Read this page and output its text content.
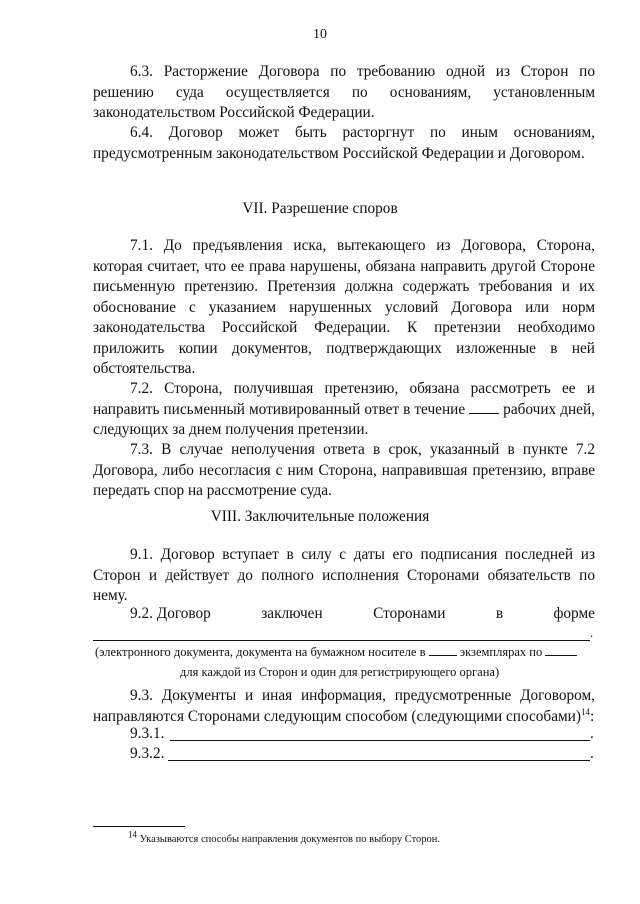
10

6.3. Расторжение Договора по требованию одной из Сторон по решению суда осуществляется по основаниям, установленным законодательством Российской Федерации.

6.4. Договор может быть расторгнут по иным основаниям, предусмотренным законодательством Российской Федерации и Договором.

VII. Разрешение споров

7.1. До предъявления иска, вытекающего из Договора, Сторона, которая считает, что ее права нарушены, обязана направить другой Стороне письменную претензию. Претензия должна содержать требования и их обоснование с указанием нарушенных условий Договора или норм законодательства Российской Федерации. К претензии необходимо приложить копии документов, подтверждающих изложенные в ней обстоятельства.

7.2. Сторона, получившая претензию, обязана рассмотреть ее и направить письменный мотивированный ответ в течение рабочих дней, следующих за днем получения претензии.

7.3. В случае неполучения ответа в срок, указанный в пункте 7.2 Договора, либо несогласия с ним Сторона, направившая претензию, вправе передать спор на рассмотрение суда.

VIII. Заключительные положения

9.1. Договор вступает в силу с даты его подписания последней из Сторон и действует до полного исполнения Сторонами обязательств по нему.

9.2. Договор	заключен	Сторонами	в	форме
.
(электронного документа, документа на бумажном носителе в	экземплярах по
для каждой из Сторон и один для регистрирующего органа)

9.3. Документы и иная информация, предусмотренные Договором, направляются Сторонами следующим способом (следующими способами)$^{14}$:

9.3.1.	.
9.3.2.	.
$^{14}$ Указываются способы направления документов по выбору Сторон.
